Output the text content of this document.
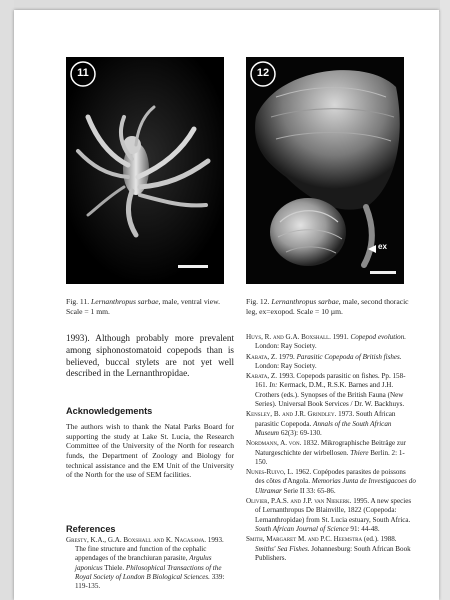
11	12
ex
Fig. 11. Lernanthropus sarbae, male, ventral view. Scale = 1 mm.
Fig. 12. Lernanthropus sarbae, male, second thoracic leg, ex=exopod. Scale = 10 µm.

1993). Although probably more prevalent among siphonostomatoid copepods than is believed, buccal stylets are not yet well described in the Lernanthropidae.

Acknowledgements

The authors wish to thank the Natal Parks Board for supporting the study at Lake St. Lucia, the Research Committee of the University of the North for research funds, the Department of Zoology and Biology for technical assistance and the EM Unit of the University of the North for the use of SEM facilities.

References

Gresty, K.A., G.A. Boxshall and K. Nagasawa. 1993. The fine structure and function of the cephalic appendages of the branchiuran parasite, Argulus japonicus Thiele. Philosophical Transactions of the Royal Society of London B Biological Sciences. 339: 119-135.

Huys, R. and G.A. Boxshall. 1991. Copepod evolution. London: Ray Society.

Kabata, Z. 1979. Parasitic Copepoda of British fishes. London: Ray Society.

Kabata, Z. 1993. Copepods parasitic on fishes. Pp. 158-161. In: Kermack, D.M., R.S.K. Barnes and J.H. Crothers (eds.). Synopses of the British Fauna (New Series). Universal Book Services / Dr. W. Backhuys.

Kensley, B. and J.R. Grindley. 1973. South African parasitic Copepoda. Annals of the South African Museum 62(3): 69-130.

Nordmann, A. von. 1832. Mikrographische Beiträge zur Naturgeschichte der wirbellosen. Thiere Berlin. 2: 1-150.

Nunes-Ruivo, L. 1962. Copépodes parasites de poissons des côtes d'Angola. Memorias Junta de Investigacoes do Ultramar Serie II 33: 65-86.

Olivier, P.A.S. and J.P. van Niekerk. 1995. A new species of Lernanthropus De Blainville, 1822 (Copepoda: Lernanthropidae) from St. Lucia estuary, South Africa. South African Journal of Science 91: 44-48.

Smith, Margaret M. and P.C. Heemstra (ed.). 1988. Smiths' Sea Fishes. Johannesburg: South African Book Publishers.
